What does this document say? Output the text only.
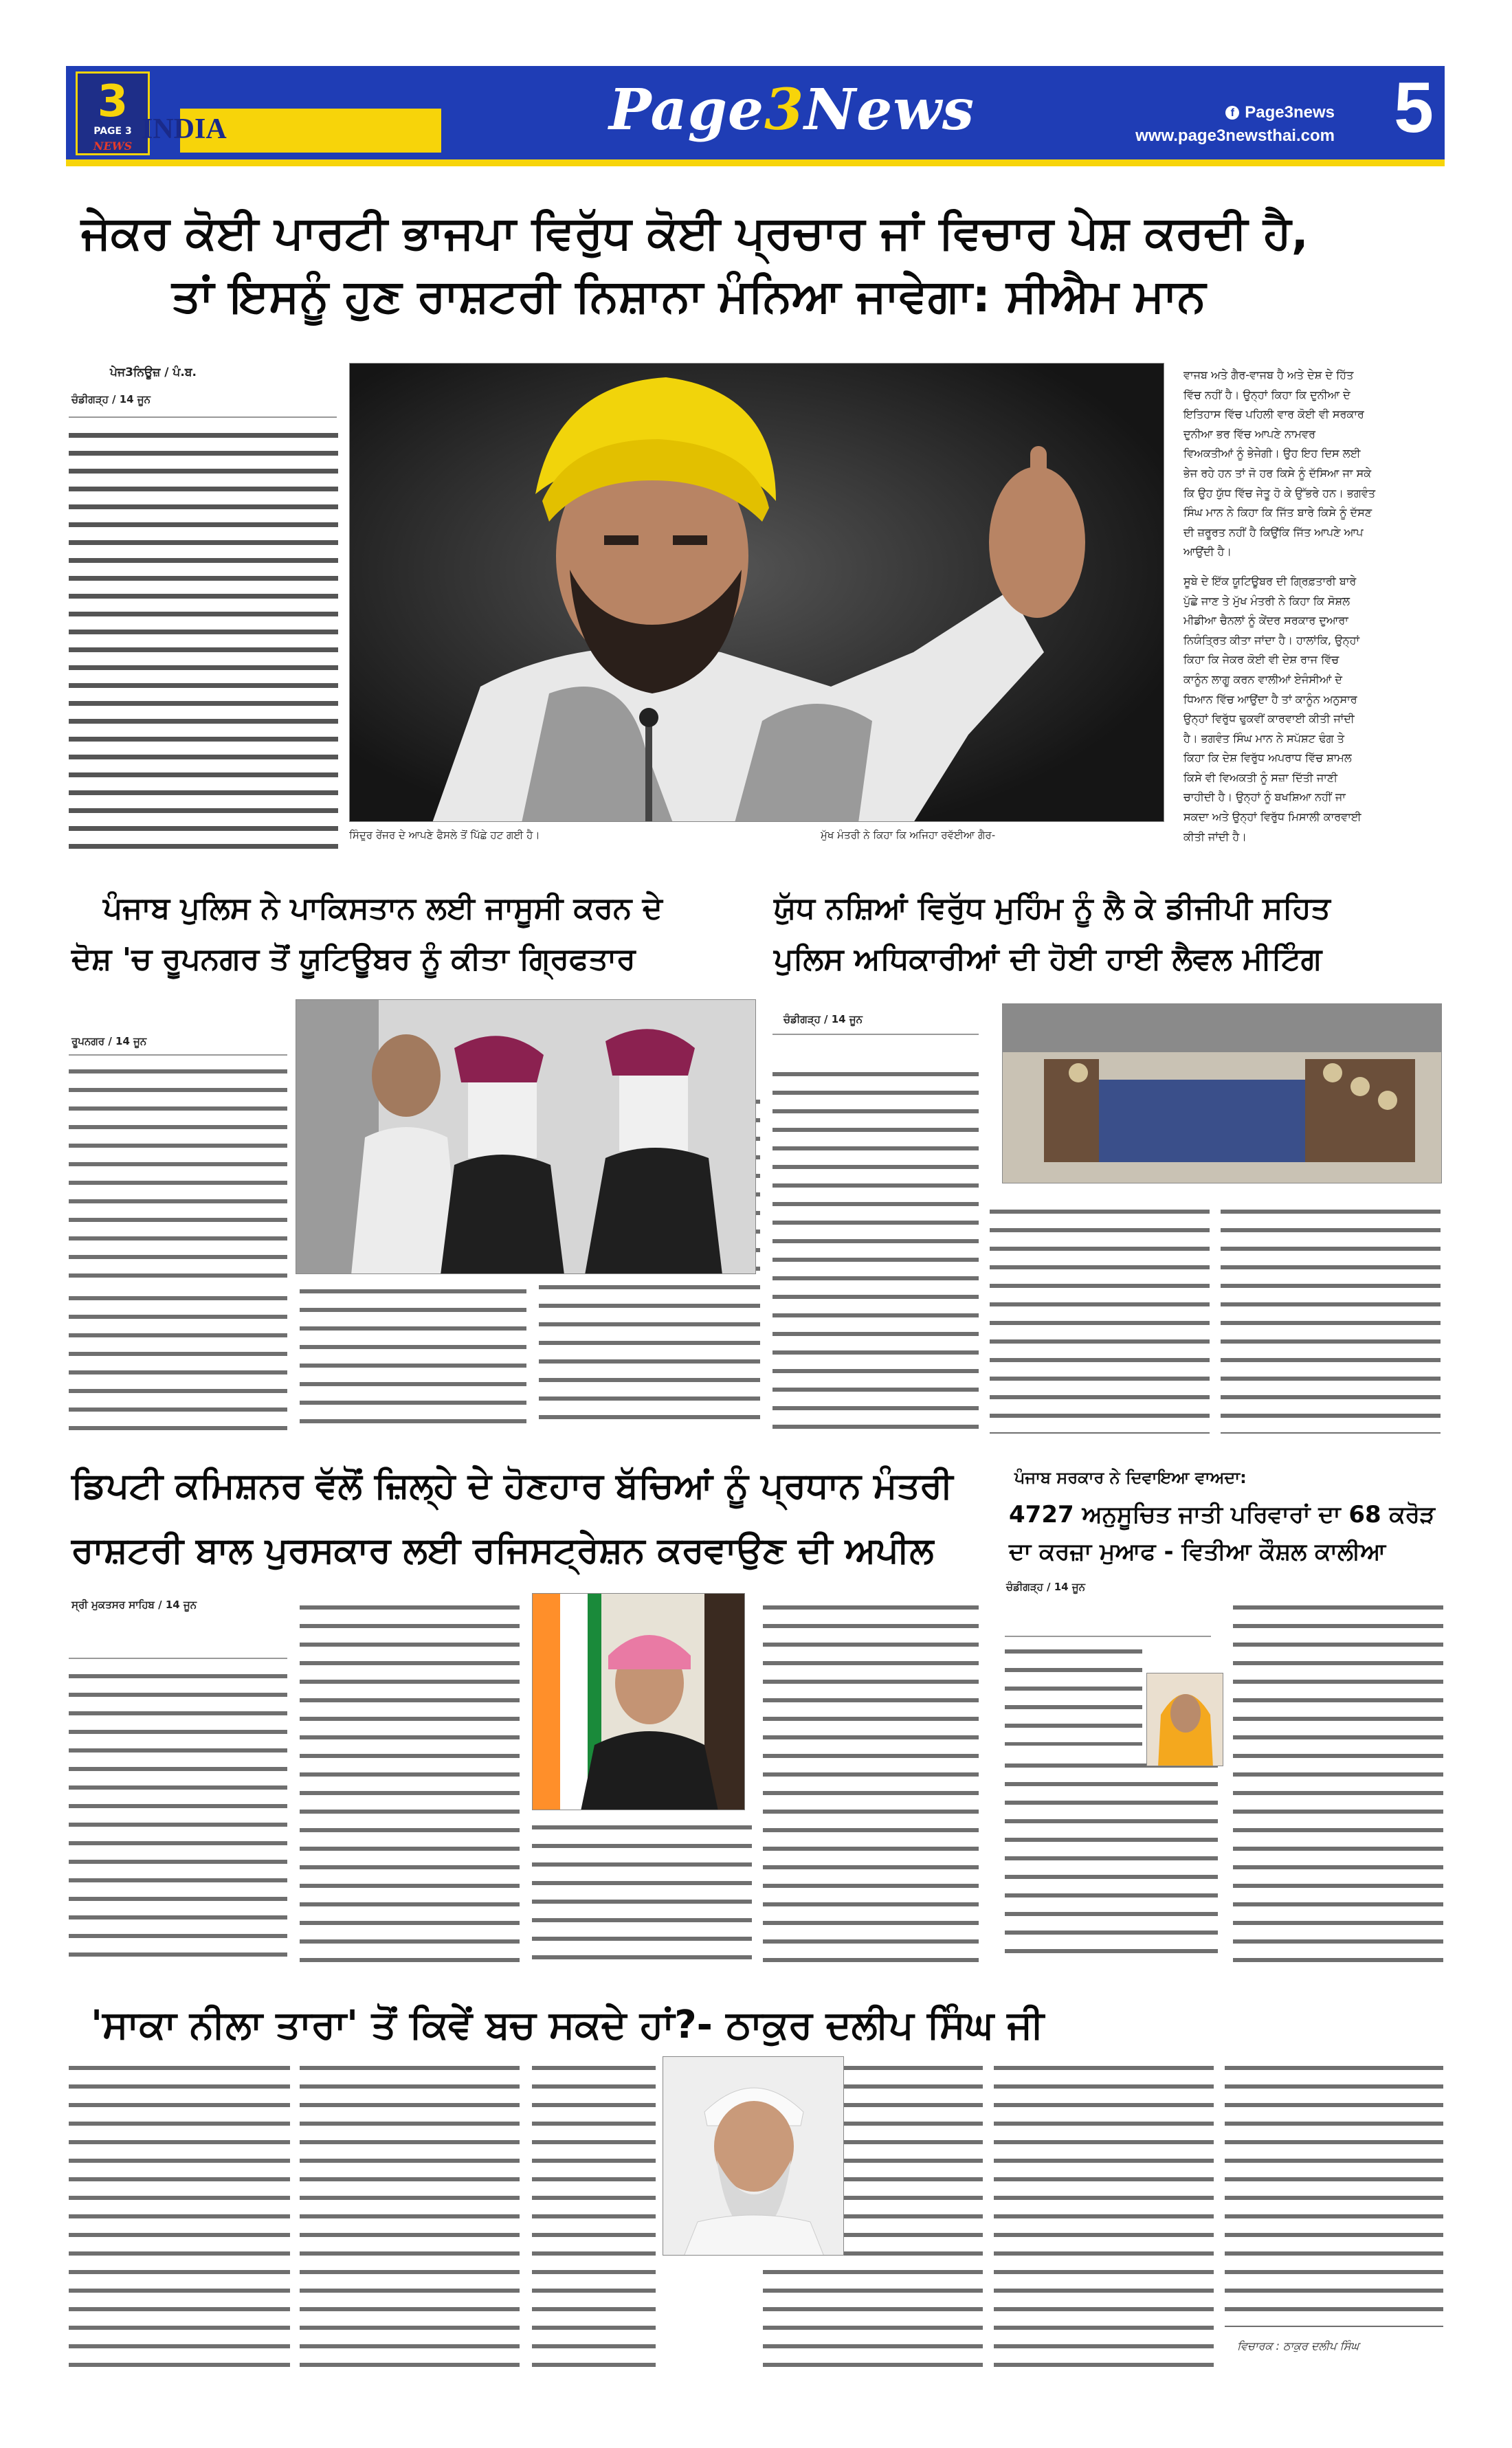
3
PAGE 3
NEWS
INDIA	Page3News	f Page3news
www.page3newsthai.com 5
ਜੇਕਰ ਕੋਈ ਪਾਰਟੀ ਭਾਜਪਾ ਵਿਰੁੱਧ ਕੋਈ ਪ੍ਰਚਾਰ ਜਾਂ ਵਿਚਾਰ ਪੇਸ਼ ਕਰਦੀ ਹੈ,
ਤਾਂ ਇਸਨੂੰ ਹੁਣ ਰਾਸ਼ਟਰੀ ਨਿਸ਼ਾਨਾ ਮੰਨਿਆ ਜਾਵੇਗਾ: ਸੀਐਮ ਮਾਨ
ਪੇਜ3ਨਿਊਜ਼ / ਪੰ.ਬ.
ਚੰਡੀਗੜ੍ਹ / 14 ਜੂਨ
ਸਿੰਦੂਰ ਰੇਂਜਰ ਦੇ ਆਪਣੇ ਫੈਸਲੇ ਤੋਂ ਪਿੱਛੇ ਹਟ ਗਈ ਹੈ।	ਮੁੱਖ ਮੰਤਰੀ ਨੇ ਕਿਹਾ ਕਿ ਅਜਿਹਾ ਰਵੱਈਆ ਗੈਰ-
ਵਾਜਬ ਅਤੇ ਗੈਰ-ਵਾਜਬ ਹੈ ਅਤੇ ਦੇਸ਼ ਦੇ ਹਿੱਤ
ਵਿੱਚ ਨਹੀਂ ਹੈ। ਉਨ੍ਹਾਂ ਕਿਹਾ ਕਿ ਦੁਨੀਆ ਦੇ
ਇਤਿਹਾਸ ਵਿੱਚ ਪਹਿਲੀ ਵਾਰ ਕੋਈ ਵੀ ਸਰਕਾਰ
ਦੁਨੀਆ ਭਰ ਵਿੱਚ ਆਪਣੇ ਨਾਮਵਰ
ਵਿਅਕਤੀਆਂ ਨੂੰ ਭੇਜੇਗੀ। ਉਹ ਇਹ ਦਿਸ ਲਈ
ਭੇਜ ਰਹੇ ਹਨ ਤਾਂ ਜੋ ਹਰ ਕਿਸੇ ਨੂੰ ਦੱਸਿਆ ਜਾ ਸਕੇ
ਕਿ ਉਹ ਯੁੱਧ ਵਿੱਚ ਜੇਤੂ ਹੋ ਕੇ ਉੱਭਰੇ ਹਨ। ਭਗਵੰਤ
ਸਿੰਘ ਮਾਨ ਨੇ ਕਿਹਾ ਕਿ ਜਿੱਤ ਬਾਰੇ ਕਿਸੇ ਨੂੰ ਦੱਸਣ
ਦੀ ਜ਼ਰੂਰਤ ਨਹੀਂ ਹੈ ਕਿਉਂਕਿ ਜਿੱਤ ਆਪਣੇ ਆਪ
ਆਉਂਦੀ ਹੈ।
ਸੂਬੇ ਦੇ ਇੱਕ ਯੂਟਿਊਬਰ ਦੀ ਗ੍ਰਿਫ਼ਤਾਰੀ ਬਾਰੇ
ਪੁੱਛੇ ਜਾਣ ਤੇ ਮੁੱਖ ਮੰਤਰੀ ਨੇ ਕਿਹਾ ਕਿ ਸੋਸ਼ਲ
ਮੀਡੀਆ ਚੈਨਲਾਂ ਨੂੰ ਕੇਂਦਰ ਸਰਕਾਰ ਦੁਆਰਾ
ਨਿਯੰਤ੍ਰਿਤ ਕੀਤਾ ਜਾਂਦਾ ਹੈ। ਹਾਲਾਂਕਿ, ਉਨ੍ਹਾਂ
ਕਿਹਾ ਕਿ ਜੇਕਰ ਕੋਈ ਵੀ ਦੇਸ਼ ਰਾਜ ਵਿੱਚ
ਕਾਨੂੰਨ ਲਾਗੂ ਕਰਨ ਵਾਲੀਆਂ ਏਜੰਸੀਆਂ ਦੇ
ਧਿਆਨ ਵਿੱਚ ਆਉਂਦਾ ਹੈ ਤਾਂ ਕਾਨੂੰਨ ਅਨੁਸਾਰ
ਉਨ੍ਹਾਂ ਵਿਰੁੱਧ ਢੁਕਵੀਂ ਕਾਰਵਾਈ ਕੀਤੀ ਜਾਂਦੀ
ਹੈ। ਭਗਵੰਤ ਸਿੰਘ ਮਾਨ ਨੇ ਸਪੱਸ਼ਟ ਢੰਗ ਤੇ
ਕਿਹਾ ਕਿ ਦੇਸ਼ ਵਿਰੁੱਧ ਅਪਰਾਧ ਵਿੱਚ ਸ਼ਾਮਲ
ਕਿਸੇ ਵੀ ਵਿਅਕਤੀ ਨੂੰ ਸਜ਼ਾ ਦਿੱਤੀ ਜਾਣੀ
ਚਾਹੀਦੀ ਹੈ। ਉਨ੍ਹਾਂ ਨੂੰ ਬਖਸ਼ਿਆ ਨਹੀਂ ਜਾ
ਸਕਦਾ ਅਤੇ ਉਨ੍ਹਾਂ ਵਿਰੁੱਧ ਮਿਸਾਲੀ ਕਾਰਵਾਈ
ਕੀਤੀ ਜਾਂਦੀ ਹੈ।
ਪੰਜਾਬ ਪੁਲਿਸ ਨੇ ਪਾਕਿਸਤਾਨ ਲਈ ਜਾਸੂਸੀ ਕਰਨ ਦੇ
ਦੋਸ਼ 'ਚ ਰੂਪਨਗਰ ਤੋਂ ਯੂਟਿਊਬਰ ਨੂੰ ਕੀਤਾ ਗ੍ਰਿਫਤਾਰ
ਰੂਪਨਗਰ / 14 ਜੂਨ
ਯੁੱਧ ਨਸ਼ਿਆਂ ਵਿਰੁੱਧ ਮੁਹਿੰਮ ਨੂੰ ਲੈ ਕੇ ਡੀਜੀਪੀ ਸਹਿਤ
ਪੁਲਿਸ ਅਧਿਕਾਰੀਆਂ ਦੀ ਹੋਈ ਹਾਈ ਲੈਵਲ ਮੀਟਿੰਗ
ਚੰਡੀਗੜ੍ਹ / 14 ਜੂਨ
ਡਿਪਟੀ ਕਮਿਸ਼ਨਰ ਵੱਲੋਂ ਜ਼ਿਲ੍ਹੇ ਦੇ ਹੋਣਹਾਰ ਬੱਚਿਆਂ ਨੂੰ ਪ੍ਰਧਾਨ ਮੰਤਰੀ
ਰਾਸ਼ਟਰੀ ਬਾਲ ਪੁਰਸਕਾਰ ਲਈ ਰਜਿਸਟ੍ਰੇਸ਼ਨ ਕਰਵਾਉਣ ਦੀ ਅਪੀਲ
ਸ੍ਰੀ ਮੁਕਤਸਰ ਸਾਹਿਬ / 14 ਜੂਨ
ਪੰਜਾਬ ਸਰਕਾਰ ਨੇ ਦਿਵਾਇਆ ਵਾਅਦਾ:
4727 ਅਨੁਸੂਚਿਤ ਜਾਤੀ ਪਰਿਵਾਰਾਂ ਦਾ 68 ਕਰੋੜ
ਦਾ ਕਰਜ਼ਾ ਮੁਆਫ - ਵਿਤੀਆ ਕੌਸ਼ਲ ਕਾਲੀਆ
ਚੰਡੀਗੜ੍ਹ / 14 ਜੂਨ
'ਸਾਕਾ ਨੀਲਾ ਤਾਰਾ' ਤੋਂ ਕਿਵੇਂ ਬਚ ਸਕਦੇ ਹਾਂ?- ਠਾਕੁਰ ਦਲੀਪ ਸਿੰਘ ਜੀ
ਵਿਚਾਰਕ : ਠਾਕੁਰ ਦਲੀਪ ਸਿੰਘ
